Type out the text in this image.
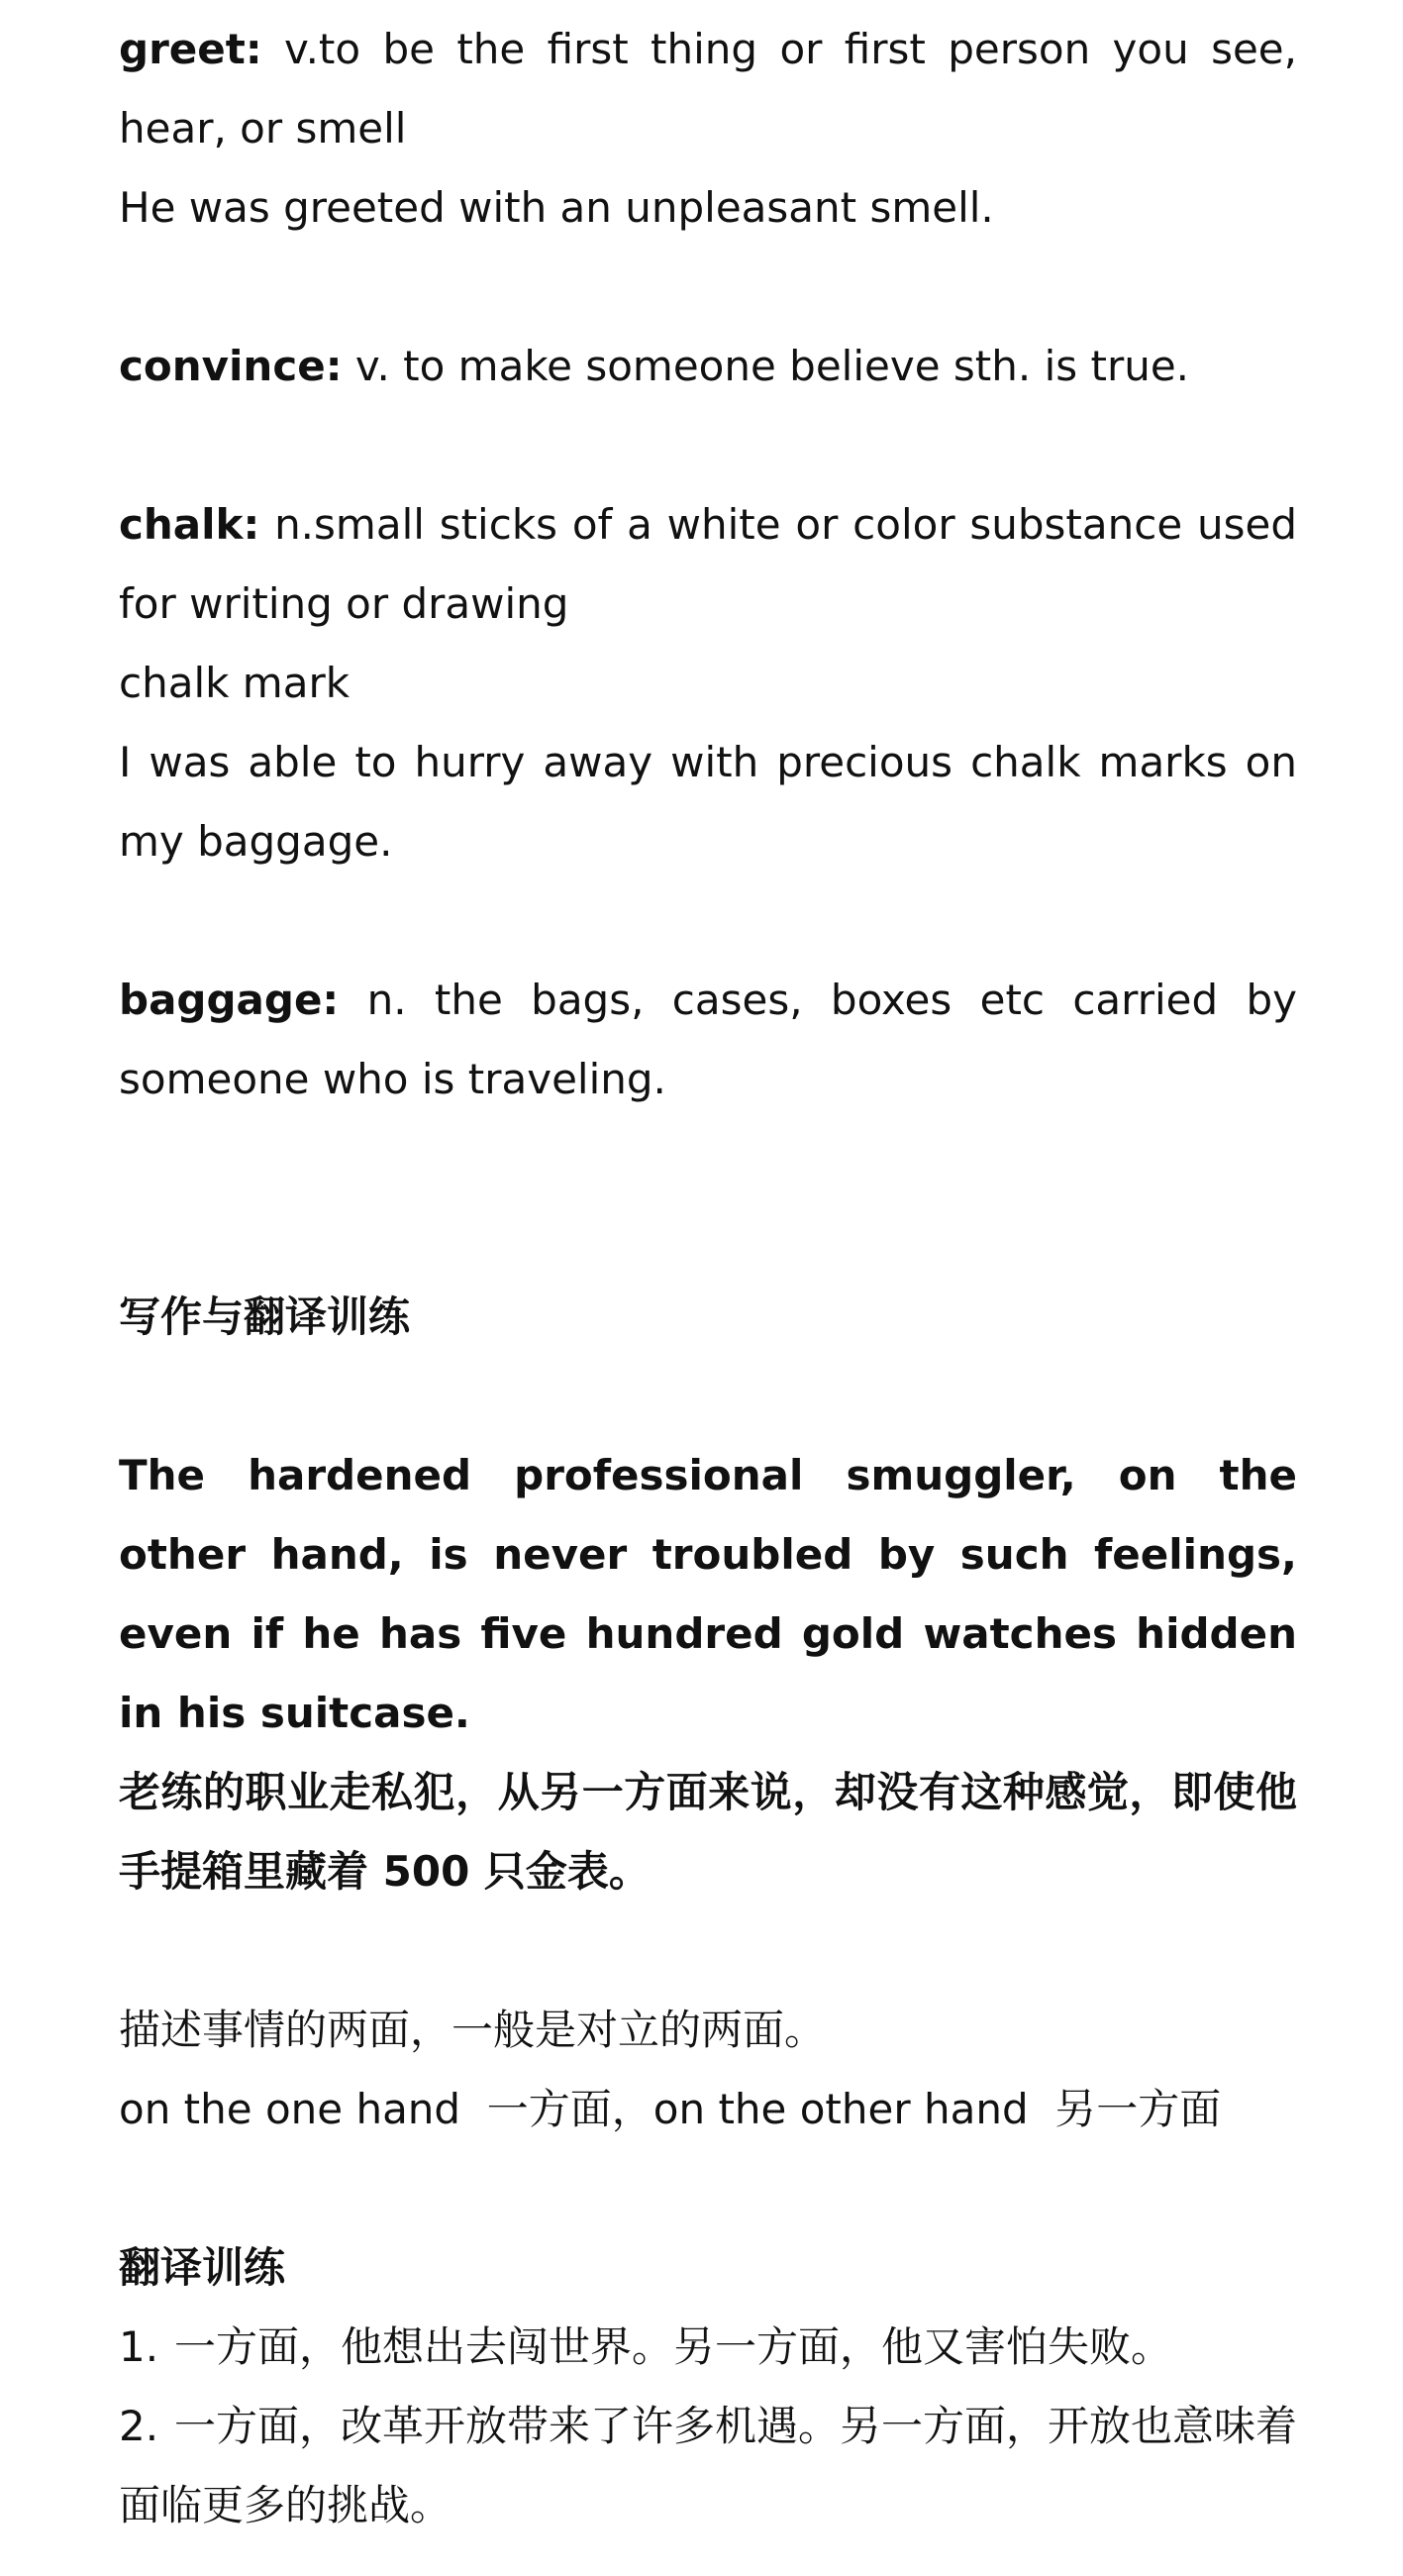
greet: v.to be the first thing or first person you see, hear, or smell

He was greeted with an unpleasant smell.

convince: v. to make someone believe sth. is true.

chalk: n.small sticks of a white or color substance used for writing or drawing

chalk mark

I was able to hurry away with precious chalk marks on my baggage.

baggage: n. the bags, cases, boxes etc carried by someone who is traveling.

写作与翻译训练

The hardened professional smuggler, on the other hand, is never troubled by such feelings, even if he has five hundred gold watches hidden in his suitcase.

老练的职业走私犯，从另一方面来说，却没有这种感觉，即使他手提箱里藏着 500 只金表。

描述事情的两面，一般是对立的两面。

on the one hand  一方面，on the other hand  另一方面

翻译训练

1. 一方面，他想出去闯世界。另一方面，他又害怕失败。
2. 一方面，改革开放带来了许多机遇。另一方面，开放也意味着面临更多的挑战。
